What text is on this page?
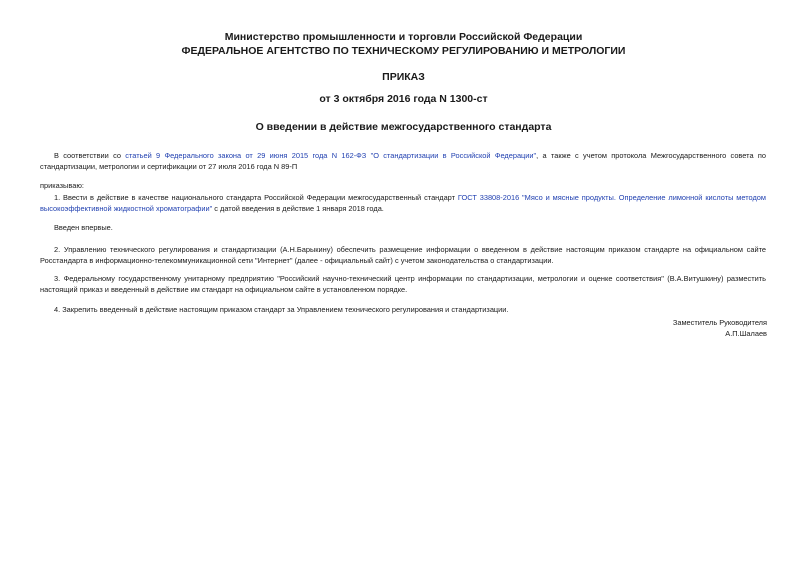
Министерство промышленности и торговли Российской Федерации
ФЕДЕРАЛЬНОЕ АГЕНТСТВО ПО ТЕХНИЧЕСКОМУ РЕГУЛИРОВАНИЮ И МЕТРОЛОГИИ
ПРИКАЗ
от 3 октября 2016 года N 1300-ст
О введении в действие межгосударственного стандарта
В соответствии со статьей 9 Федерального закона от 29 июня 2015 года N 162-ФЗ "О стандартизации в Российской Федерации", а также с учетом протокола Межгосударственного совета по стандартизации, метрологии и сертификации от 27 июля 2016 года N 89-П
приказываю:
1. Ввести в действие в качестве национального стандарта Российской Федерации межгосударственный стандарт ГОСТ 33808-2016 "Мясо и мясные продукты. Определение лимонной кислоты методом высокоэффективной жидкостной хроматографии" с датой введения в действие 1 января 2018 года.
Введен впервые.
2. Управлению технического регулирования и стандартизации (А.Н.Барыкину) обеспечить размещение информации о введенном в действие настоящим приказом стандарте на официальном сайте Росстандарта в информационно-телекоммуникационной сети "Интернет" (далее - официальный сайт) с учетом законодательства о стандартизации.
3. Федеральному государственному унитарному предприятию "Российский научно-технический центр информации по стандартизации, метрологии и оценке соответствия" (В.А.Витушкину) разместить настоящий приказ и введенный в действие им стандарт на официальном сайте в установленном порядке.
4. Закрепить введенный в действие настоящим приказом стандарт за Управлением технического регулирования и стандартизации.
Заместитель Руководителя
А.П.Шалаев
